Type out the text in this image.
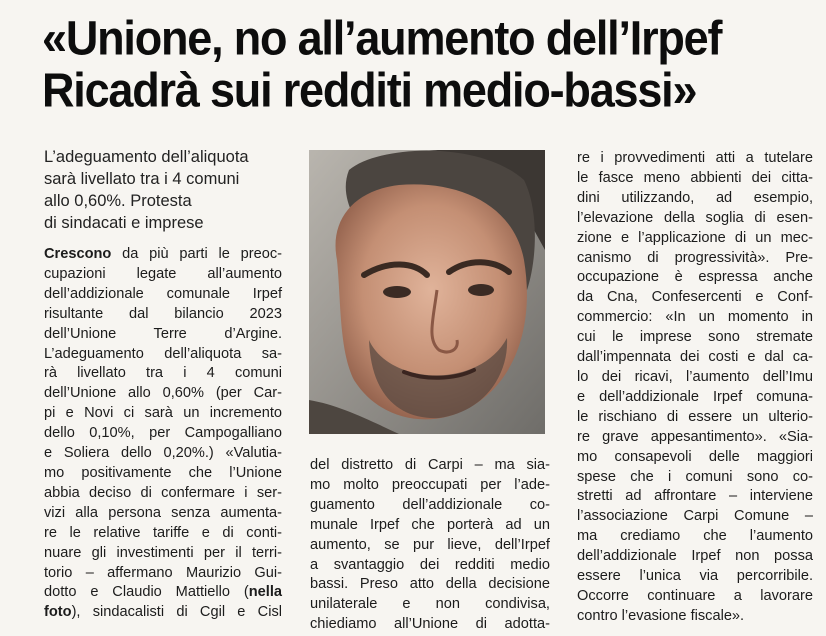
«Unione, no all’aumento dell’Irpef
Ricadrà sui redditi medio-bassi»
L’adeguamento dell’aliquota
sarà livellato tra i 4 comuni
allo 0,60%. Protesta
di sindacati e imprese
Crescono da più parti le preoc-
cupazioni legate all’aumento
dell’addizionale comunale Irpef
risultante dal bilancio 2023
dell’Unione Terre d’Argine.
L’adeguamento dell’aliquota sa-
rà livellato tra i 4 comuni
dell’Unione allo 0,60% (per Car-
pi e Novi ci sarà un incremento
dello 0,10%, per Campogalliano
e Soliera dello 0,20%.) «Valutia-
mo positivamente che l’Unione
abbia deciso di confermare i ser-
vizi alla persona senza aumenta-
re le relative tariffe e di conti-
nuare gli investimenti per il terri-
torio – affermano Maurizio Gui-
dotto e Claudio Mattiello (nella
foto), sindacalisti di Cgil e Cisl
del distretto di Carpi – ma sia-
mo molto preoccupati per l’ade-
guamento dell’addizionale co-
munale Irpef che porterà ad un
aumento, se pur lieve, dell’Irpef
a svantaggio dei redditi medio
bassi. Preso atto della decisione
unilaterale e non condivisa,
chiediamo all’Unione di adotta-
re i provvedimenti atti a tutelare
le fasce meno abbienti dei citta-
dini utilizzando, ad esempio,
l’elevazione della soglia di esen-
zione e l’applicazione di un mec-
canismo di progressività». Pre-
occupazione è espressa anche
da Cna, Confesercenti e Conf-
commercio: «In un momento in
cui le imprese sono stremate
dall’impennata dei costi e dal ca-
lo dei ricavi, l’aumento dell’Imu
e dell’addizionale Irpef comuna-
le rischiano di essere un ulterio-
re grave appesantimento». «Sia-
mo consapevoli delle maggiori
spese che i comuni sono co-
stretti ad affrontare – interviene
l’associazione Carpi Comune –
ma crediamo che l’aumento
dell’addizionale Irpef non possa
essere l’unica via percorribile.
Occorre continuare a lavorare
contro l’evasione fiscale».
